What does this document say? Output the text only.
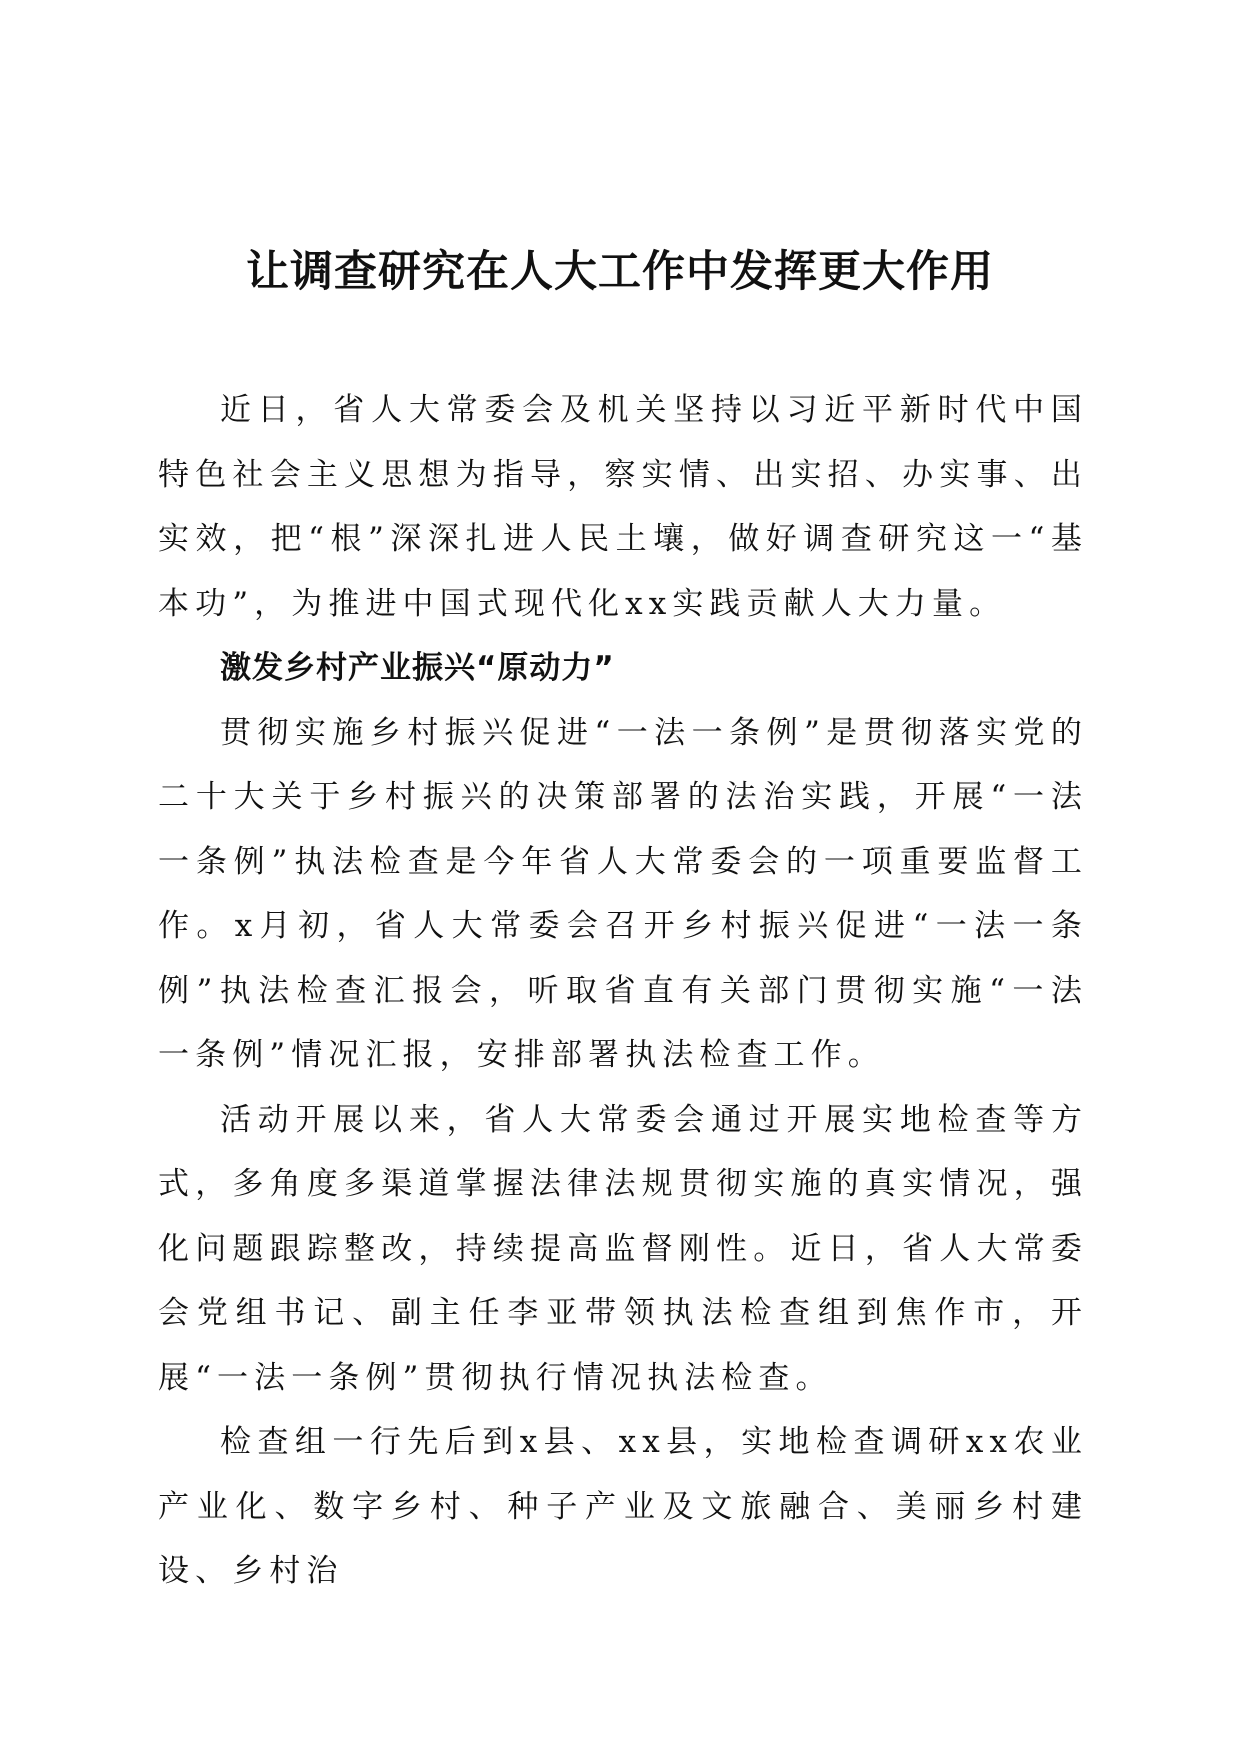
让调查研究在人大工作中发挥更大作用

近日，省人大常委会及机关坚持以习近平新时代中国特色社会主义思想为指导，察实情、出实招、办实事、出实效，把“根”深深扎进人民土壤，做好调查研究这一“基本功”，为推进中国式现代化xx实践贡献人大力量。

激发乡村产业振兴“原动力”

贯彻实施乡村振兴促进“一法一条例”是贯彻落实党的二十大关于乡村振兴的决策部署的法治实践，开展“一法一条例”执法检查是今年省人大常委会的一项重要监督工作。x月初，省人大常委会召开乡村振兴促进“一法一条例”执法检查汇报会，听取省直有关部门贯彻实施“一法一条例”情况汇报，安排部署执法检查工作。

活动开展以来，省人大常委会通过开展实地检查等方式，多角度多渠道掌握法律法规贯彻实施的真实情况，强化问题跟踪整改，持续提高监督刚性。近日，省人大常委会党组书记、副主任李亚带领执法检查组到焦作市，开展“一法一条例”贯彻执行情况执法检查。

检查组一行先后到x县、xx县，实地检查调研xx农业产业化、数字乡村、种子产业及文旅融合、美丽乡村建设、乡村治
